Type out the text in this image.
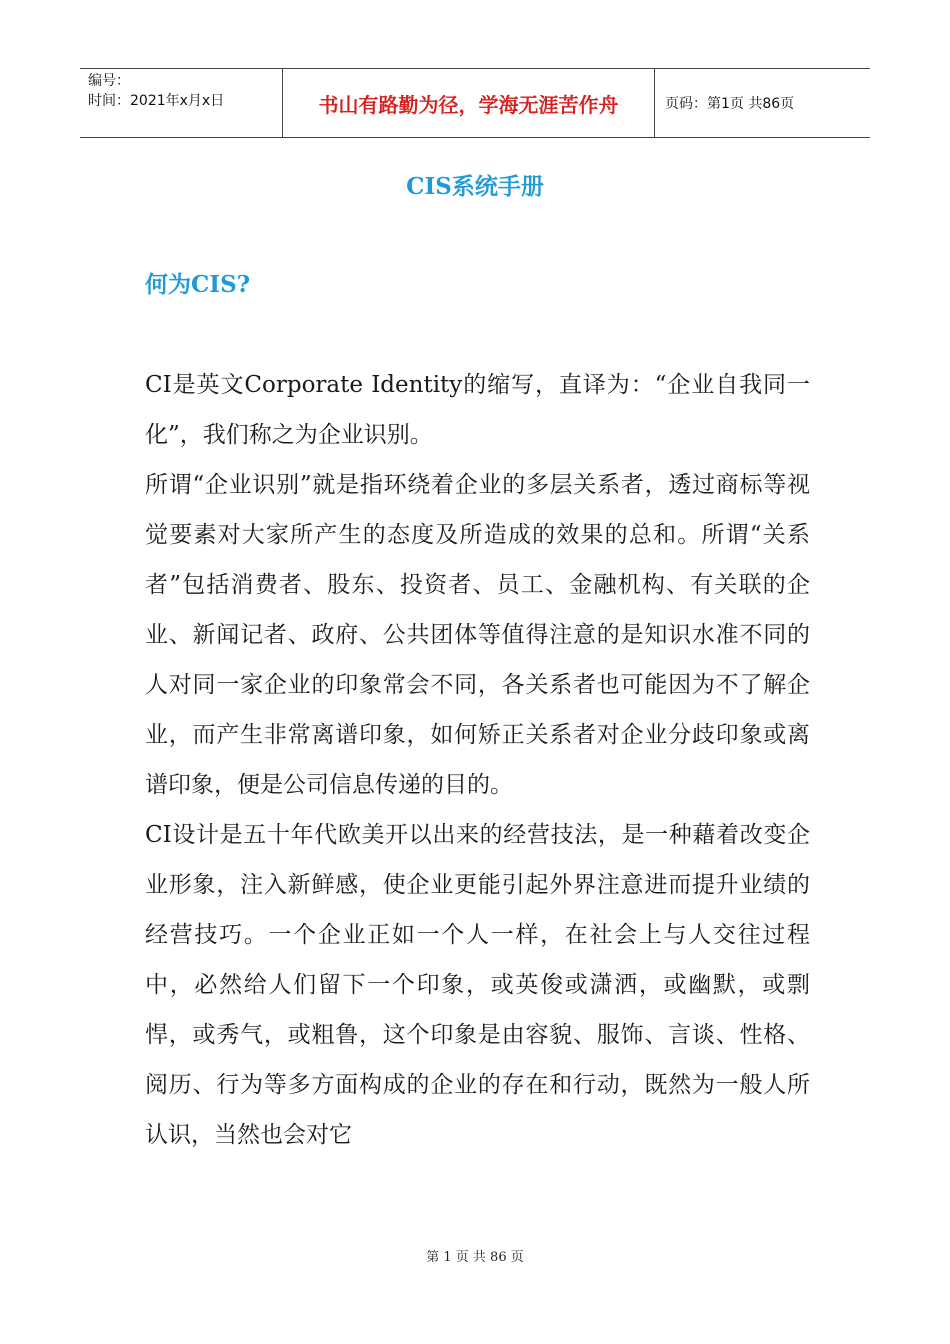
编号：
时间：2021年x月x日	书山有路勤为径，学海无涯苦作舟	页码：第1页 共86页
CIS系统手册
何为CIS?

CI是英文Corporate Identity的缩写，直译为：“企业自我同一化”，我们称之为企业识别。

所谓“企业识别”就是指环绕着企业的多层关系者，透过商标等视觉要素对大家所产生的态度及所造成的效果的总和。所谓“关系者”包括消费者、股东、投资者、员工、金融机构、有关联的企业、新闻记者、政府、公共团体等值得注意的是知识水准不同的人对同一家企业的印象常会不同，各关系者也可能因为不了解企业，而产生非常离谱印象，如何矫正关系者对企业分歧印象或离谱印象，便是公司信息传递的目的。

CI设计是五十年代欧美开以出来的经营技法，是一种藉着改变企业形象，注入新鲜感，使企业更能引起外界注意进而提升业绩的经营技巧。一个企业正如一个人一样，在社会上与人交往过程中，必然给人们留下一个印象，或英俊或潇洒，或幽默，或剽悍，或秀气，或粗鲁，这个印象是由容貌、服饰、言谈、性格、阅历、行为等多方面构成的企业的存在和行动，既然为一般人所认识，当然也会对它

第 1 页 共 86 页
